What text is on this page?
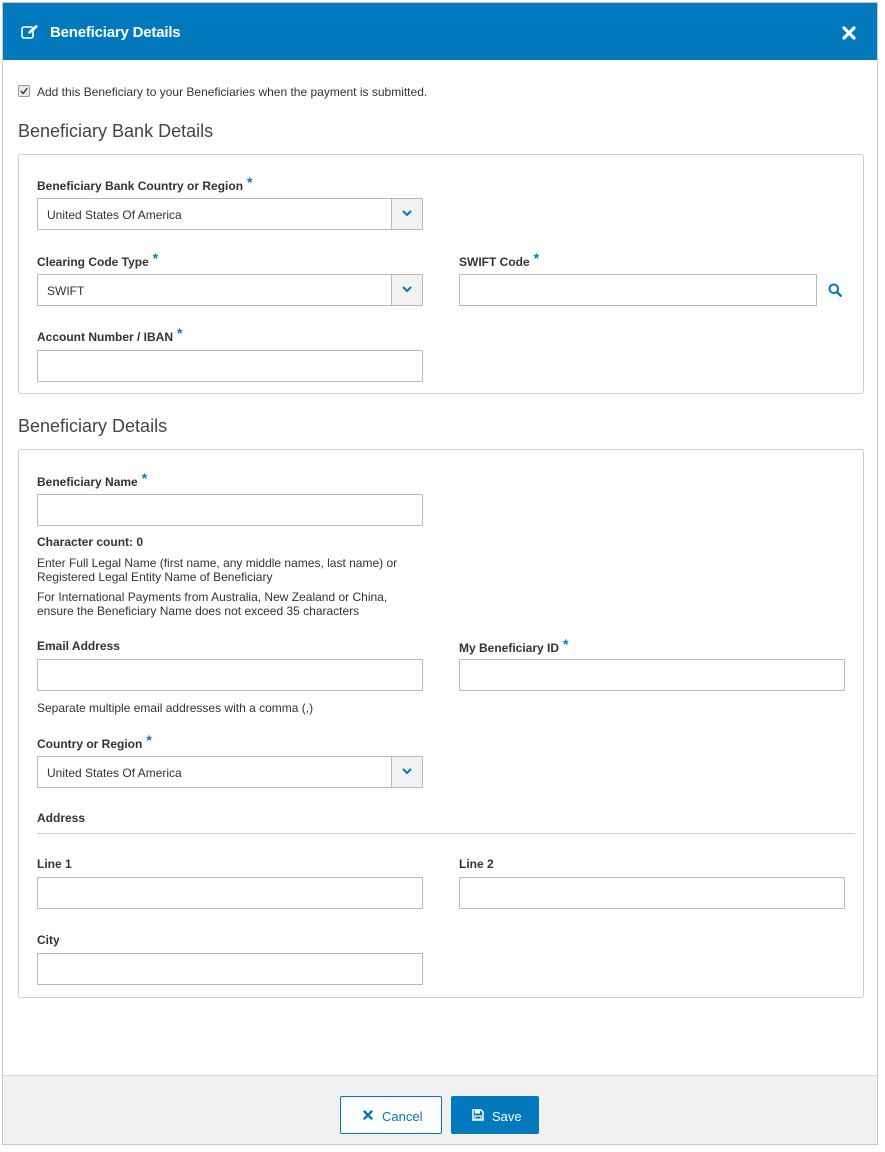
Beneficiary Details
Add this Beneficiary to your Beneficiaries when the payment is submitted.
Beneficiary Bank Details
Beneficiary Bank Country or Region *
United States Of America
Clearing Code Type *
SWIFT
SWIFT Code *
Account Number / IBAN *
Beneficiary Details
Beneficiary Name *
Character count: 0
Enter Full Legal Name (first name, any middle names, last name) or
Registered Legal Entity Name of Beneficiary
For International Payments from Australia, New Zealand or China,
ensure the Beneficiary Name does not exceed 35 characters
Email Address
Separate multiple email addresses with a comma (,)
My Beneficiary ID *
Country or Region *
United States Of America
Address
Line 1	Line 2
City
Cancel	Save
